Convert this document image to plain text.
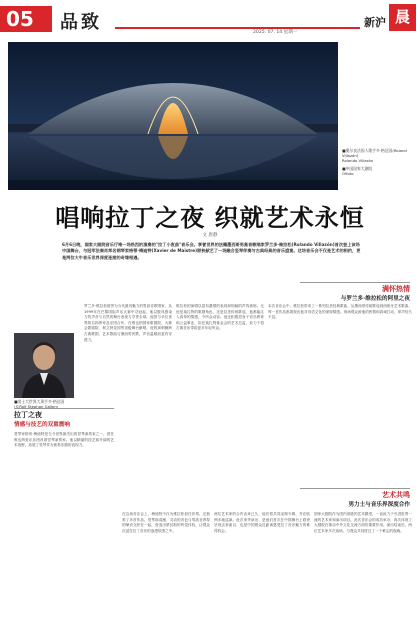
05	品致	2025. 07. 14 星期一
新沪 晨报
■奥尔良法国人歌手多·格达因(Roland Villazón)
Rolando Villazón
■中国国家大剧院
Olfoto
唱响拉丁之夜 织就艺术永恒
文 唐静
6月6日晚，国家大剧院音乐厅唯一场热烈的演奏的"拉丁小夜曲"音乐会。享誉世界的法籍墨西哥男高音歌唱家罗兰多·维拉松(Rolando Villazón)首次登上该场中国舞台，与冠军法裔肖邦名钢琴家格蒂·梅迪特(Xavier de Maistre)联袂献艺了一场融合竖琴伴奏与古典经典的音乐盛宴。这场音乐会不仅是艺术的相约，更是两位大牛音乐世界深度连接的奇缘相遇。
满怀热情
与罗兰多·维拉松的阿里之夜
罗兰多·维拉松被誉为当代最具魅力的男高音歌唱家，从1999年在巴黎国际声乐大赛中夺冠起，他以极具感染力的声音与自然的舞台表现力享誉全球。他曾与多位世界知名指挥家及乐团合作，在维也纳国家歌剧院、大都会歌剧院、柯文特花园等顶级舞台献唱。他的演唱横跨古典歌剧、艺术歌曲与墨西哥民歌，声音温暖而富有穿透力。
维拉松的演唱以富有激情的表现和细腻的声线著称。无论是莫扎特的歌剧角色，还是拉美传统歌谣，他都能注入真挚的情感，令听众动容。他还积极投身于音乐教育和公益事业，担任莫扎特基金会的艺术总监，致力于将古典音乐带给更多年轻听众。
本次音乐会中，维拉松带来了一系列拉美经典歌曲，从墨西哥传统歌谣到西班牙艺术歌曲，每一首作品都展现出他对母语文化的深厚情感。现场观众被他的热情和真诚打动，掌声经久不息。
■男士大世界大事手多·格达因
(©Rolf Stephan Gallery
拉丁之夜
情感与技艺的双重震响
竖琴家格蒂·梅迪特是当今世界最杰出的竖琴演奏家之一，曾任维也纳爱乐乐团首席竖琴演奏家。他以精湛的技艺和开阔的艺术视野，拓展了竖琴作为独奏乐器的表现力。
艺术共鸣
男力士与音乐界深度合作
在这场音乐会上，梅迪特不仅为维拉松担任伴奏，还独奏了多首作品。竖琴那清澈、灵动的音色与男高音浑厚的嗓音交织在一起，营造出梦幻般的听觉体验，让观众沉浸在拉丁音乐的浪漫氛围之中。
两位艺术家的合作由来已久，他们曾共同录制专辑，并在欧洲多地巡演。此次来华演出，是他们首次在中国舞台上联袂呈现这套曲目，也是中国观众近距离感受拉丁音乐魅力的难得机会。
国家大剧院作为国内顶级的艺术殿堂，一直致力于引进世界一流的艺术家和演出项目。此次音乐会的成功举办，再次体现了大剧院在推动中外文化交流方面的重要作用。演出结束后，两位艺术家多次返场，与观众共同度过了一个难忘的夜晚。
